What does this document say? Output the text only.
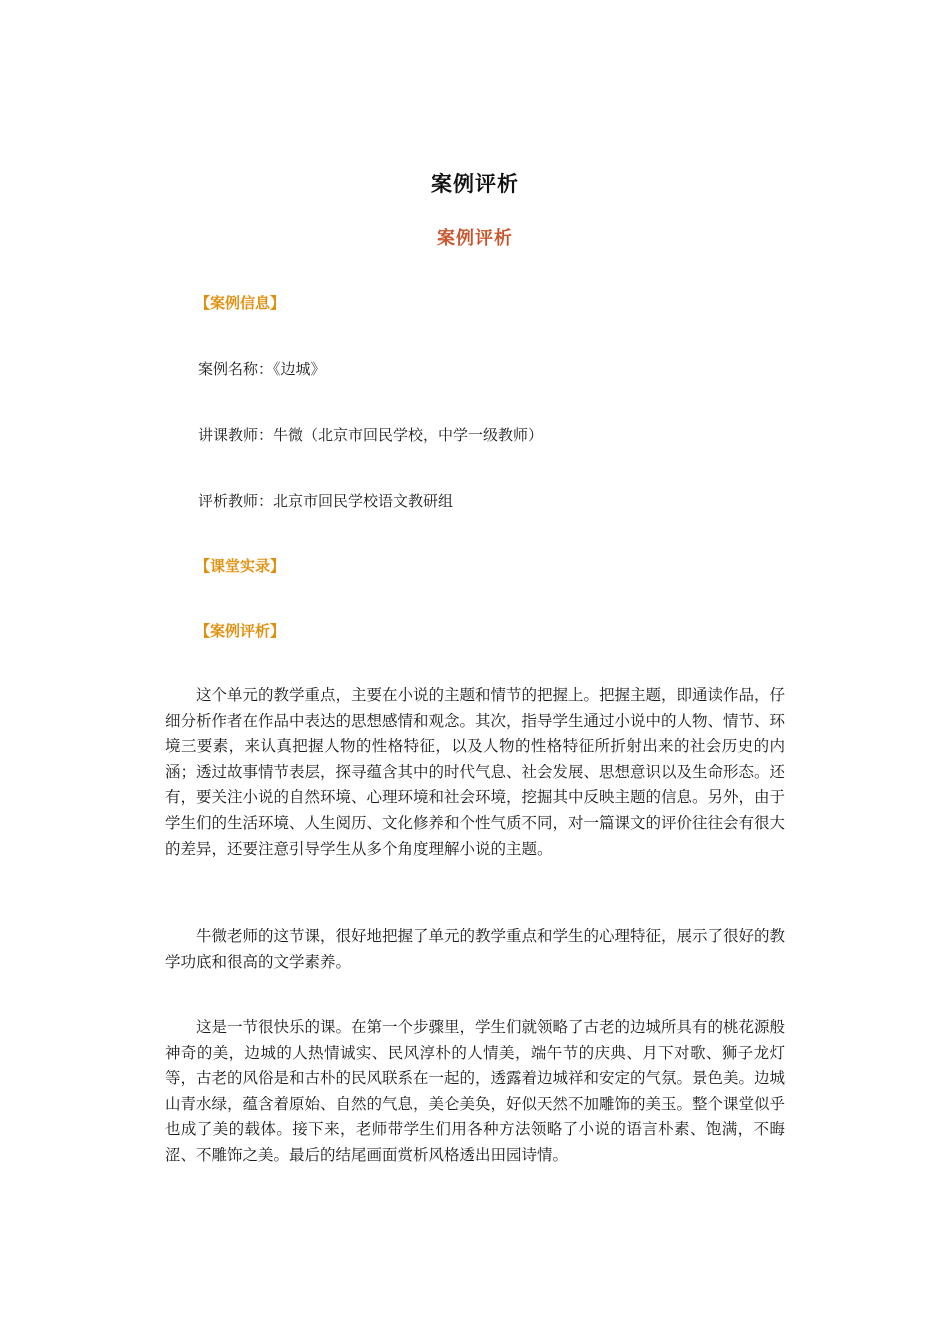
案例评析
案例评析
【案例信息】
案例名称：《边城》
讲课教师：牛微（北京市回民学校，中学一级教师）
评析教师：北京市回民学校语文教研组
【课堂实录】
【案例评析】

这个单元的教学重点，主要在小说的主题和情节的把握上。把握主题，即通读作品，仔细分析作者在作品中表达的思想感情和观念。其次，指导学生通过小说中的人物、情节、环境三要素，来认真把握人物的性格特征，以及人物的性格特征所折射出来的社会历史的内涵；透过故事情节表层，探寻蕴含其中的时代气息、社会发展、思想意识以及生命形态。还有，要关注小说的自然环境、心理环境和社会环境，挖掘其中反映主题的信息。另外，由于学生们的生活环境、人生阅历、文化修养和个性气质不同，对一篇课文的评价往往会有很大的差异，还要注意引导学生从多个角度理解小说的主题。

牛微老师的这节课，很好地把握了单元的教学重点和学生的心理特征，展示了很好的教学功底和很高的文学素养。

这是一节很快乐的课。在第一个步骤里，学生们就领略了古老的边城所具有的桃花源般神奇的美，边城的人热情诚实、民风淳朴的人情美，端午节的庆典、月下对歌、狮子龙灯等，古老的风俗是和古朴的民风联系在一起的，透露着边城祥和安定的气氛。景色美。边城山青水绿，蕴含着原始、自然的气息，美仑美奂，好似天然不加雕饰的美玉。整个课堂似乎也成了美的载体。接下来，老师带学生们用各种方法领略了小说的语言朴素、饱满，不晦涩、不雕饰之美。最后的结尾画面赏析风格透出田园诗情。
